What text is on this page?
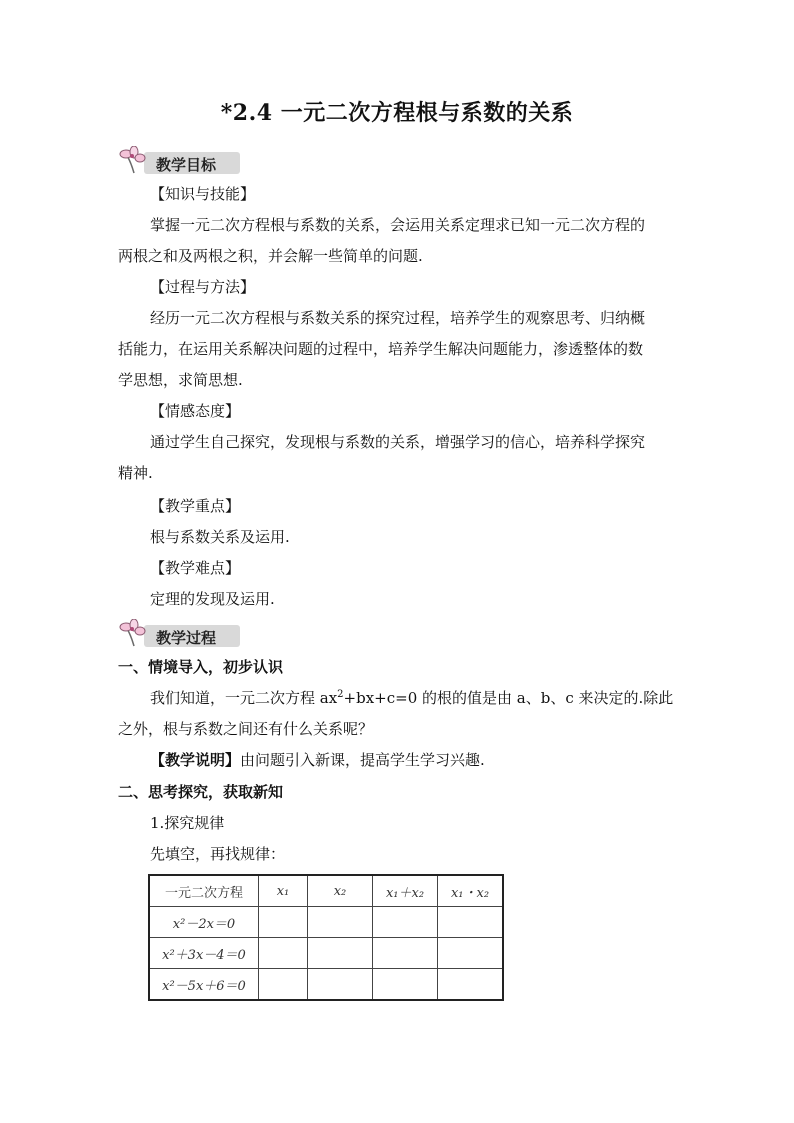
*2.4 一元二次方程根与系数的关系
教学目标
【知识与技能】
掌握一元二次方程根与系数的关系，会运用关系定理求已知一元二次方程的
两根之和及两根之积，并会解一些简单的问题.
【过程与方法】
经历一元二次方程根与系数关系的探究过程，培养学生的观察思考、归纳概
括能力，在运用关系解决问题的过程中，培养学生解决问题能力，渗透整体的数
学思想，求简思想.
【情感态度】
通过学生自己探究，发现根与系数的关系，增强学习的信心，培养科学探究
精神.
【教学重点】
根与系数关系及运用.
【教学难点】
定理的发现及运用.
教学过程
一、情境导入，初步认识
我们知道，一元二次方程 $ax^2+bx+c=0$ 的根的值是由 a、b、c 来决定的.除此
之外，根与系数之间还有什么关系呢？
【教学说明】由问题引入新课，提高学生学习兴趣.
二、思考探究，获取新知
1.探究规律
先填空，再找规律：
一元二次方程	x₁	x₂	x₁＋x₂	x₁・x₂
x²－2x＝0				
x²＋3x－4＝0				
x²－5x＋6＝0				
